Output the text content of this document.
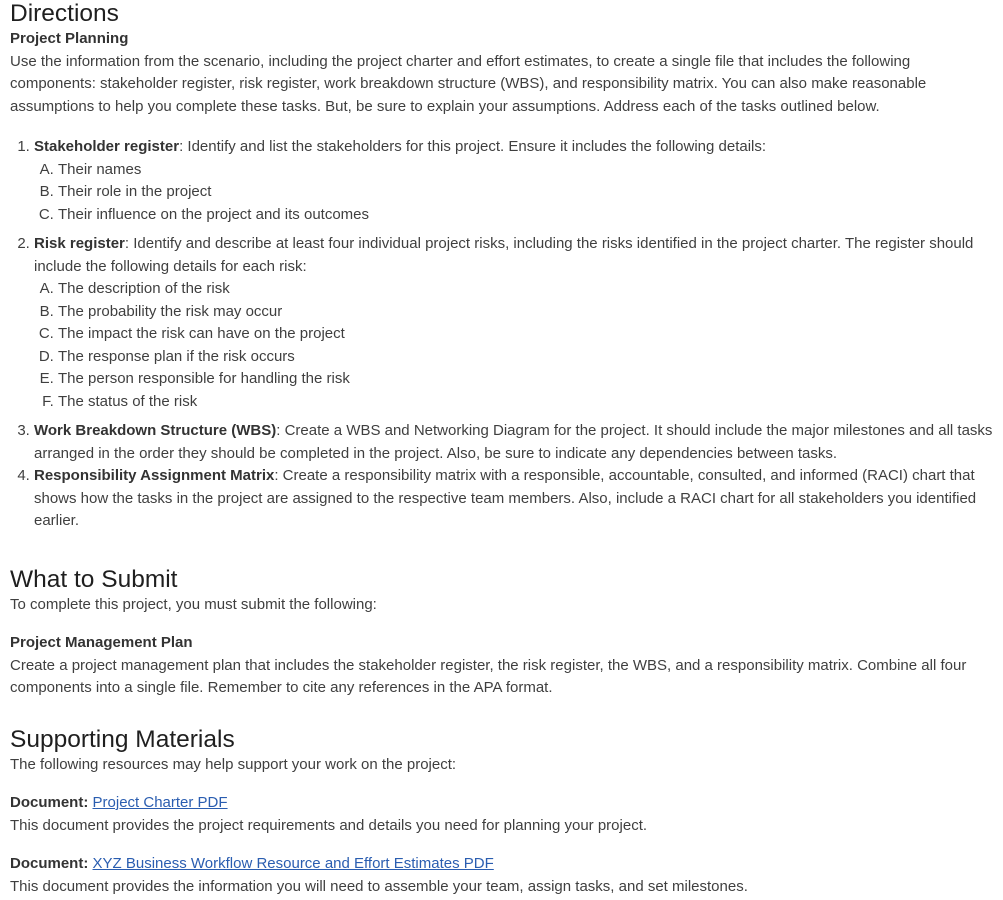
Directions
Project Planning

Use the information from the scenario, including the project charter and effort estimates, to create a single file that includes the following components: stakeholder register, risk register, work breakdown structure (WBS), and responsibility matrix. You can also make reasonable assumptions to help you complete these tasks. But, be sure to explain your assumptions. Address each of the tasks outlined below.

1. Stakeholder register: Identify and list the stakeholders for this project. Ensure it includes the following details:
A. Their names
B. Their role in the project
C. Their influence on the project and its outcomes
2. Risk register: Identify and describe at least four individual project risks, including the risks identified in the project charter. The register should include the following details for each risk:
A. The description of the risk
B. The probability the risk may occur
C. The impact the risk can have on the project
D. The response plan if the risk occurs
E. The person responsible for handling the risk
F. The status of the risk
3. Work Breakdown Structure (WBS): Create a WBS and Networking Diagram for the project. It should include the major milestones and all tasks arranged in the order they should be completed in the project. Also, be sure to indicate any dependencies between tasks.
4. Responsibility Assignment Matrix: Create a responsibility matrix with a responsible, accountable, consulted, and informed (RACI) chart that shows how the tasks in the project are assigned to the respective team members. Also, include a RACI chart for all stakeholders you identified earlier.
What to Submit

To complete this project, you must submit the following:

Project Management Plan

Create a project management plan that includes the stakeholder register, the risk register, the WBS, and a responsibility matrix. Combine all four components into a single file. Remember to cite any references in the APA format.

Supporting Materials

The following resources may help support your work on the project:

Document: Project Charter PDF

This document provides the project requirements and details you need for planning your project.

Document: XYZ Business Workflow Resource and Effort Estimates PDF

This document provides the information you will need to assemble your team, assign tasks, and set milestones.
